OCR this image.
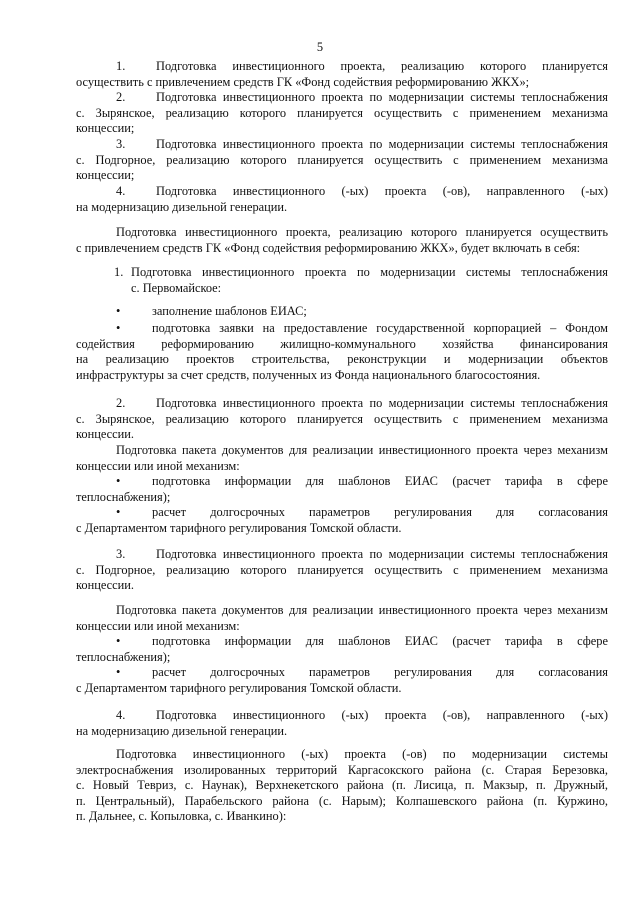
5
1. Подготовка инвестиционного проекта, реализацию которого планируется
осуществить с привлечением средств ГК «Фонд содействия реформированию ЖКХ»;
2. Подготовка инвестиционного проекта по модернизации системы теплоснабжения
с. Зырянское, реализацию которого планируется осуществить с применением механизма
концессии;
3. Подготовка инвестиционного проекта по модернизации системы теплоснабжения
с. Подгорное, реализацию которого планируется осуществить с применением механизма
концессии;
4. Подготовка инвестиционного (-ых) проекта (-ов), направленного (-ых)
на модернизацию дизельной генерации.
Подготовка инвестиционного проекта, реализацию которого планируется осуществить
с привлечением средств ГК «Фонд содействия реформированию ЖКХ», будет включать в себя:
1. Подготовка инвестиционного проекта по модернизации системы теплоснабжения
с. Первомайское:
•	заполнение шаблонов ЕИАС;
•	подготовка заявки на предоставление государственной корпорацией – Фондом
содействия реформированию жилищно-коммунального хозяйства финансирования
на реализацию проектов строительства, реконструкции и модернизации объектов
инфраструктуры за счет средств, полученных из Фонда национального благосостояния.
2. Подготовка инвестиционного проекта по модернизации системы теплоснабжения
с. Зырянское, реализацию которого планируется осуществить с применением механизма
концессии.
Подготовка пакета документов для реализации инвестиционного проекта через механизм
концессии или иной механизм:
•	подготовка информации для шаблонов ЕИАС (расчет тарифа в сфере
теплоснабжения);
•	расчет долгосрочных параметров регулирования для согласования
с Департаментом тарифного регулирования Томской области.
3. Подготовка инвестиционного проекта по модернизации системы теплоснабжения
с. Подгорное, реализацию которого планируется осуществить с применением механизма
концессии.
Подготовка пакета документов для реализации инвестиционного проекта через механизм
концессии или иной механизм:
•	подготовка информации для шаблонов ЕИАС (расчет тарифа в сфере
теплоснабжения);
•	расчет долгосрочных параметров регулирования для согласования
с Департаментом тарифного регулирования Томской области.
4. Подготовка инвестиционного (-ых) проекта (-ов), направленного (-ых)
на модернизацию дизельной генерации.
Подготовка инвестиционного (-ых) проекта (-ов) по модернизации системы
электроснабжения изолированных территорий Каргасокского района (с. Старая Березовка,
с. Новый Тевриз, с. Наунак), Верхнекетского района (п. Лисица, п. Макзыр, п. Дружный,
п. Центральный), Парабельского района (с. Нарым); Колпашевского района (п. Куржино,
п. Дальнее, с. Копыловка, с. Иванкино):
